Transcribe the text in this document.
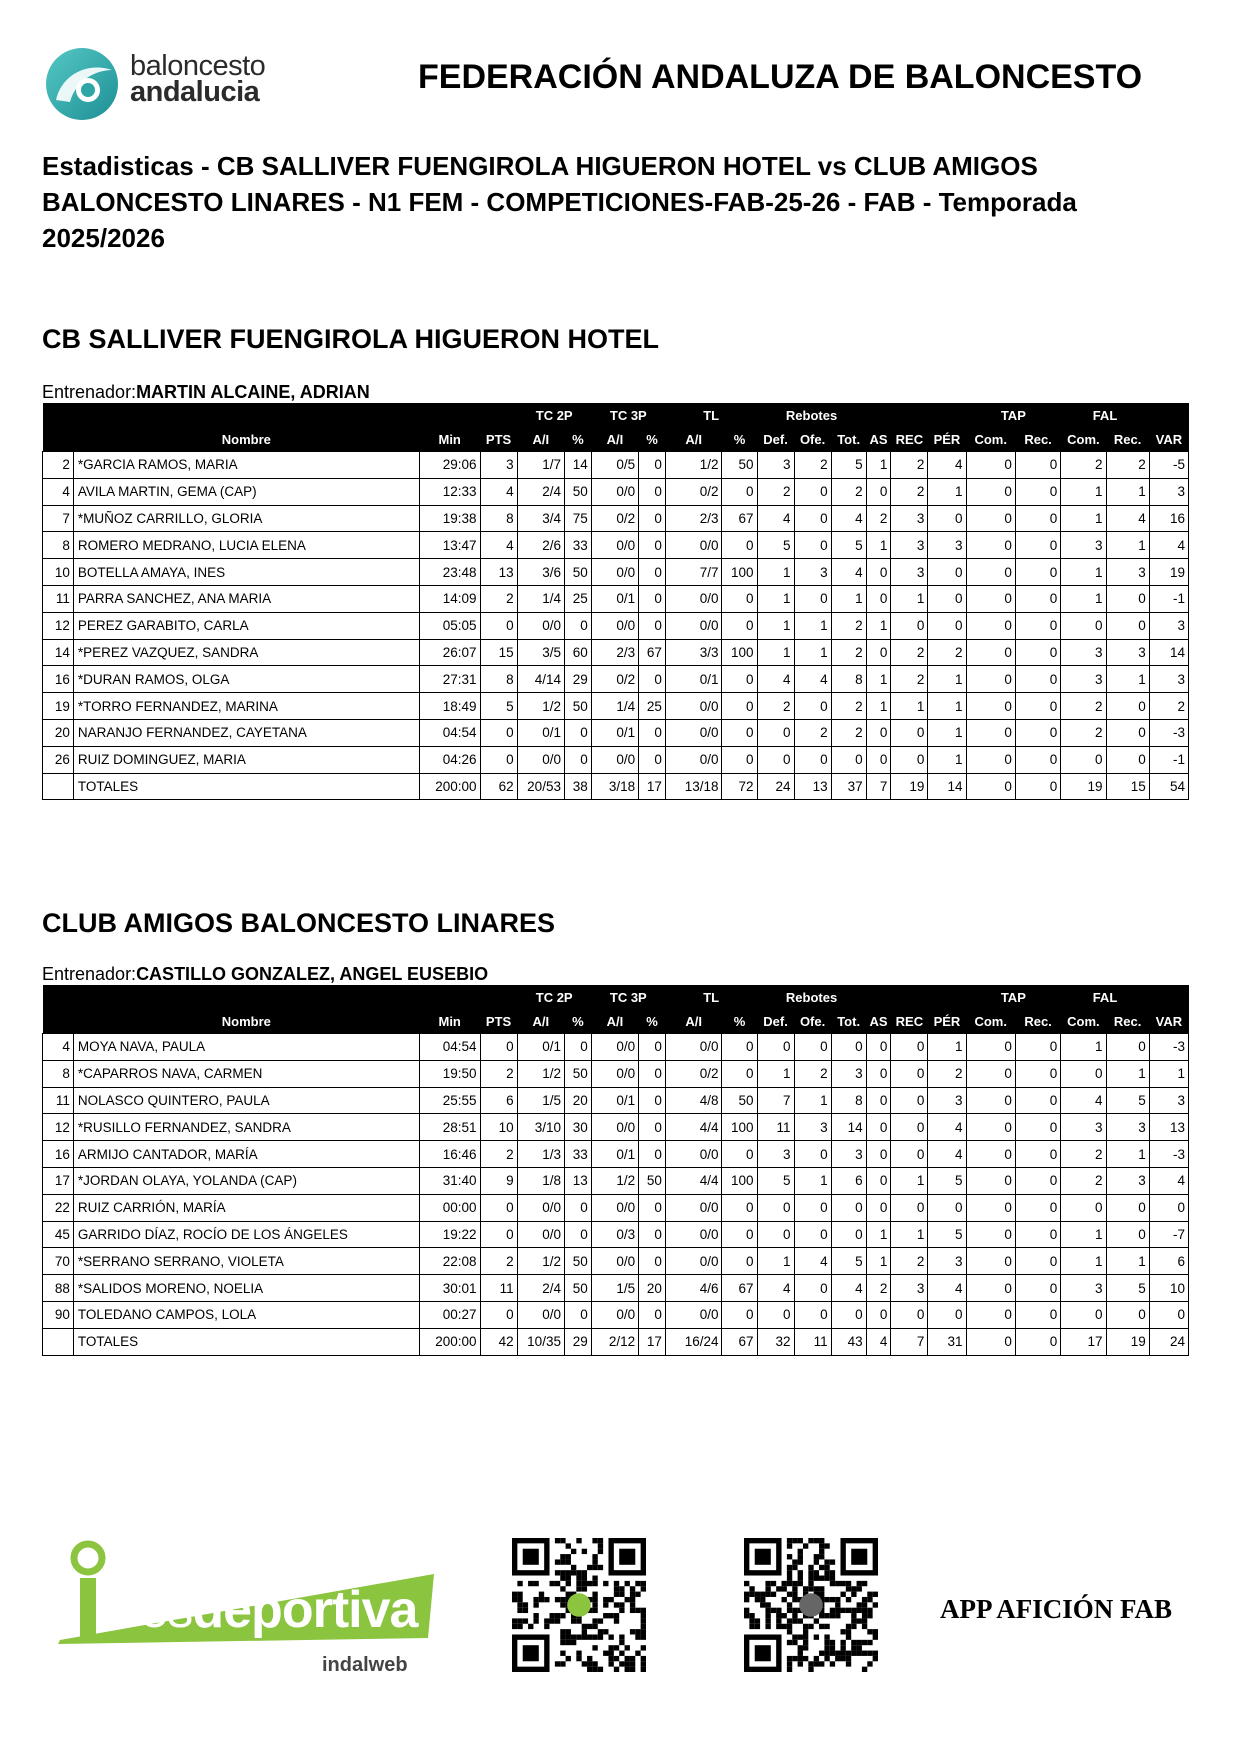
baloncesto
andalucia	FEDERACIÓN ANDALUZA DE BALONCESTO
Estadisticas - CB SALLIVER FUENGIROLA HIGUERON HOTEL vs CLUB AMIGOS BALONCESTO LINARES - N1 FEM - COMPETICIONES-FAB-25-26 - FAB - Temporada 2025/2026
CB SALLIVER FUENGIROLA HIGUERON HOTEL
Entrenador:MARTIN ALCAINE, ADRIAN
				TC 2P		TC 3P		TL		Rebotes						TAP		FAL		
	Nombre	Min	PTS	A/I	%	A/I	%	A/I	%	Def.	Ofe.	Tot.	AS	REC	PÉR	Com.	Rec.	Com.	Rec.	VAR
2	*GARCIA RAMOS, MARIA	29:06	3	1/7	14	0/5	0	1/2	50	3	2	5	1	2	4	0	0	2	2	-5
4	AVILA MARTIN, GEMA (CAP)	12:33	4	2/4	50	0/0	0	0/2	0	2	0	2	0	2	1	0	0	1	1	3
7	*MUÑOZ CARRILLO, GLORIA	19:38	8	3/4	75	0/2	0	2/3	67	4	0	4	2	3	0	0	0	1	4	16
8	ROMERO MEDRANO, LUCIA ELENA	13:47	4	2/6	33	0/0	0	0/0	0	5	0	5	1	3	3	0	0	3	1	4
10	BOTELLA AMAYA, INES	23:48	13	3/6	50	0/0	0	7/7	100	1	3	4	0	3	0	0	0	1	3	19
11	PARRA SANCHEZ, ANA MARIA	14:09	2	1/4	25	0/1	0	0/0	0	1	0	1	0	1	0	0	0	1	0	-1
12	PEREZ GARABITO, CARLA	05:05	0	0/0	0	0/0	0	0/0	0	1	1	2	1	0	0	0	0	0	0	3
14	*PEREZ VAZQUEZ, SANDRA	26:07	15	3/5	60	2/3	67	3/3	100	1	1	2	0	2	2	0	0	3	3	14
16	*DURAN RAMOS, OLGA	27:31	8	4/14	29	0/2	0	0/1	0	4	4	8	1	2	1	0	0	3	1	3
19	*TORRO FERNANDEZ, MARINA	18:49	5	1/2	50	1/4	25	0/0	0	2	0	2	1	1	1	0	0	2	0	2
20	NARANJO FERNANDEZ, CAYETANA	04:54	0	0/1	0	0/1	0	0/0	0	0	2	2	0	0	1	0	0	2	0	-3
26	RUIZ DOMINGUEZ, MARIA	04:26	0	0/0	0	0/0	0	0/0	0	0	0	0	0	0	1	0	0	0	0	-1
	TOTALES	200:00	62	20/53	38	3/18	17	13/18	72	24	13	37	7	19	14	0	0	19	15	54
CLUB AMIGOS BALONCESTO LINARES
Entrenador:CASTILLO GONZALEZ, ANGEL EUSEBIO
				TC 2P		TC 3P		TL		Rebotes						TAP		FAL		
	Nombre	Min	PTS	A/I	%	A/I	%	A/I	%	Def.	Ofe.	Tot.	AS	REC	PÉR	Com.	Rec.	Com.	Rec.	VAR
4	MOYA NAVA, PAULA	04:54	0	0/1	0	0/0	0	0/0	0	0	0	0	0	0	1	0	0	1	0	-3
8	*CAPARROS NAVA, CARMEN	19:50	2	1/2	50	0/0	0	0/2	0	1	2	3	0	0	2	0	0	0	1	1
11	NOLASCO QUINTERO, PAULA	25:55	6	1/5	20	0/1	0	4/8	50	7	1	8	0	0	3	0	0	4	5	3
12	*RUSILLO FERNANDEZ, SANDRA	28:51	10	3/10	30	0/0	0	4/4	100	11	3	14	0	0	4	0	0	3	3	13
16	ARMIJO CANTADOR, MARÍA	16:46	2	1/3	33	0/1	0	0/0	0	3	0	3	0	0	4	0	0	2	1	-3
17	*JORDAN OLAYA, YOLANDA (CAP)	31:40	9	1/8	13	1/2	50	4/4	100	5	1	6	0	1	5	0	0	2	3	4
22	RUIZ CARRIÓN, MARÍA	00:00	0	0/0	0	0/0	0	0/0	0	0	0	0	0	0	0	0	0	0	0	0
45	GARRIDO DÍAZ, ROCÍO DE LOS ÁNGELES	19:22	0	0/0	0	0/3	0	0/0	0	0	0	0	1	1	5	0	0	1	0	-7
70	*SERRANO SERRANO, VIOLETA	22:08	2	1/2	50	0/0	0	0/0	0	1	4	5	1	2	3	0	0	1	1	6
88	*SALIDOS MORENO, NOELIA	30:01	11	2/4	50	1/5	20	4/6	67	4	0	4	2	3	4	0	0	3	5	10
90	TOLEDANO CAMPOS, LOLA	00:27	0	0/0	0	0/0	0	0/0	0	0	0	0	0	0	0	0	0	0	0	0
	TOTALES	200:00	42	10/35	29	2/12	17	16/24	67	32	11	43	4	7	31	0	0	17	19	24
Gesdeportiva
indalweb
APP AFICIÓN FAB
